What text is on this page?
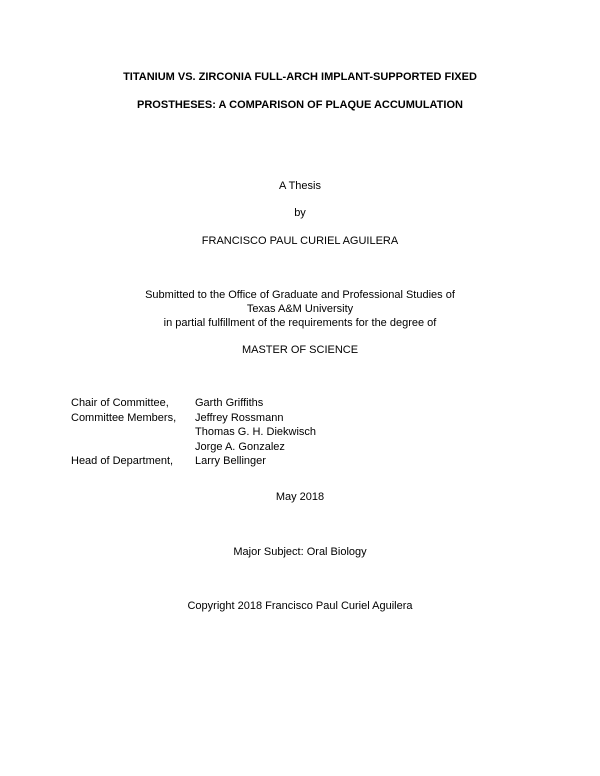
TITANIUM VS. ZIRCONIA FULL-ARCH IMPLANT-SUPPORTED FIXED
PROSTHESES: A COMPARISON OF PLAQUE ACCUMULATION
A Thesis
by
FRANCISCO PAUL CURIEL AGUILERA
Submitted to the Office of Graduate and Professional Studies of
Texas A&M University
in partial fulfillment of the requirements for the degree of
MASTER OF SCIENCE
Chair of Committee, Garth Griffiths
Committee Members, Jeffrey Rossmann
Thomas G. H. Diekwisch
Jorge A. Gonzalez
Head of Department, Larry Bellinger
May 2018
Major Subject: Oral Biology
Copyright 2018 Francisco Paul Curiel Aguilera
